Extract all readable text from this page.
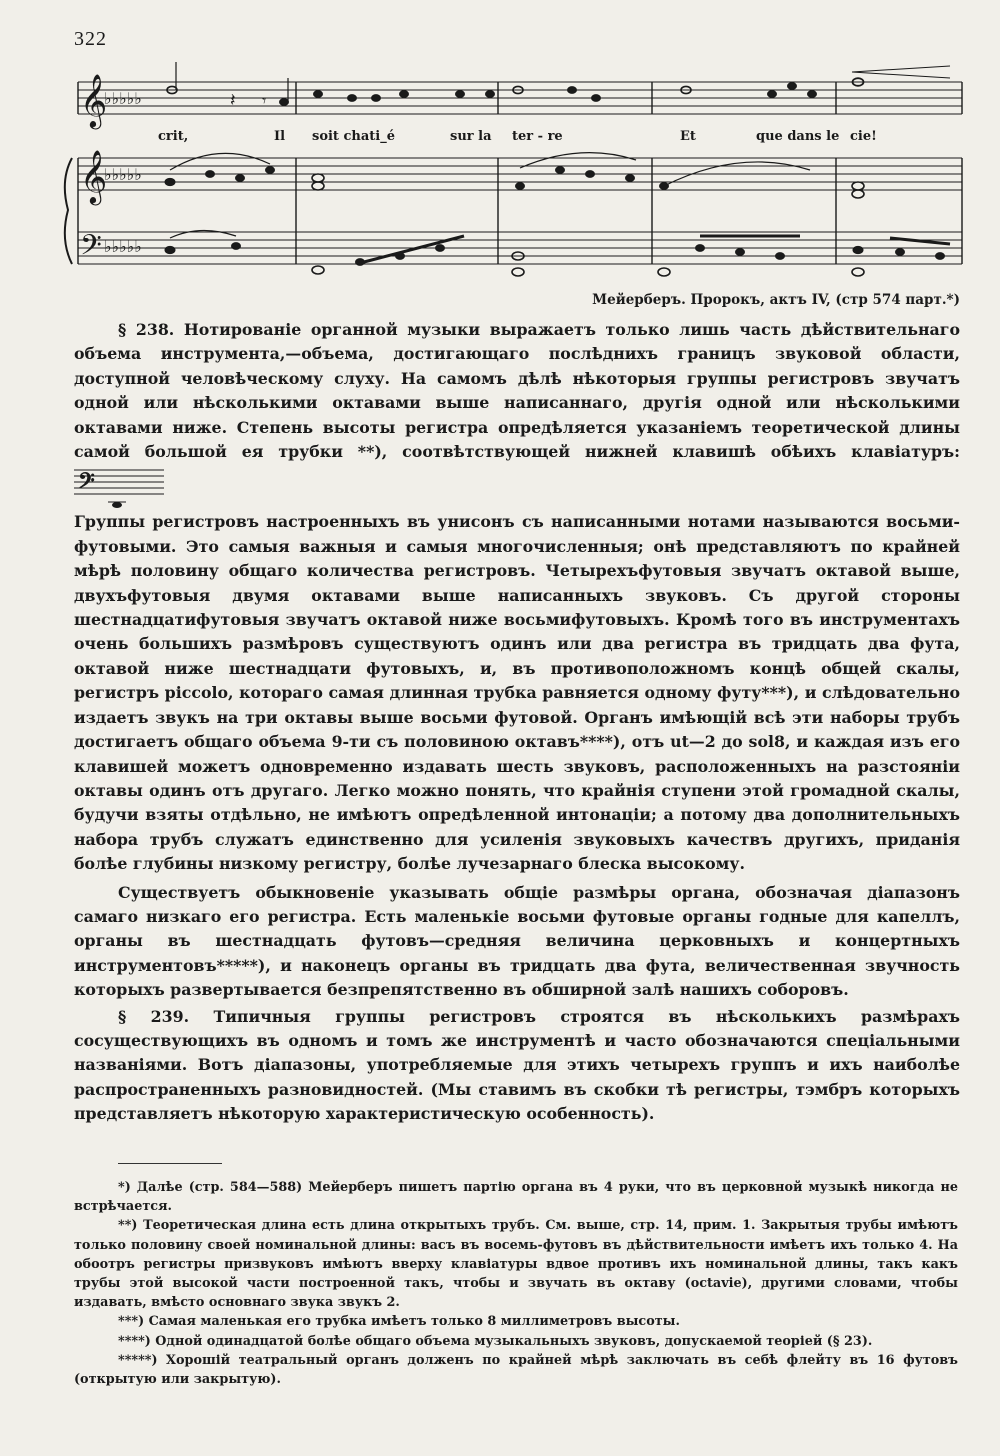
322
𝄞
𝄞
𝄢
♭♭♭♭♭
♭♭♭♭♭
♭♭♭♭♭
𝄽 𝄾
crit,	Il soit chati_é	sur la ter - re	Et	que dans le cie!
Мейерберъ. Пророкъ, актъ IV, (стр 574 парт.*)

§ 238. Нотированіе органной музыки выражаетъ только лишь часть дѣйствительнаго объема инструмента,—объема, достигающаго послѣднихъ границъ звуковой области, доступной человѣческому слуху. На самомъ дѣлѣ нѣкоторыя группы регистровъ звучатъ одной или нѣсколькими октавами выше написаннаго, другія одной или нѣсколькими октавами ниже. Степень высоты регистра опредѣляется указаніемъ теоретической длины самой большой ея трубки **), соотвѣтствующей нижней клавишѣ обѣихъ клавіатуръ:
𝄢

Группы регистровъ настроенныхъ въ унисонъ съ написанными нотами называются восьми-футовыми. Это самыя важныя и самыя многочисленныя; онѣ представляютъ по крайней мѣрѣ половину общаго количества регистровъ. Четырехъфутовыя звучатъ октавой выше, двухъфутовыя двумя октавами выше написанныхъ звуковъ. Съ другой стороны шестнадцатифутовыя звучатъ октавой ниже восьмифутовыхъ. Кромѣ того въ инструментахъ очень большихъ размѣровъ существуютъ одинъ или два регистра въ тридцать два фута, октавой ниже шестнадцати футовыхъ, и, въ противоположномъ концѣ общей скалы, регистръ piccolo, котораго самая длинная трубка равняется одному футу***), и слѣдовательно издаетъ звукъ на три октавы выше восьми футовой. Органъ имѣющій всѣ эти наборы трубъ достигаетъ общаго объема 9-ти съ половиною октавъ****), отъ ut—2 до sol8, и каждая изъ его клавишей можетъ одновременно издавать шесть звуковъ, расположенныхъ на разстояніи октавы одинъ отъ другаго. Легко можно понять, что крайнія ступени этой громадной скалы, будучи взяты отдѣльно, не имѣютъ опредѣленной интонаціи; а потому два дополнительныхъ набора трубъ служатъ единственно для усиленія звуковыхъ качествъ другихъ, приданія болѣе глубины низкому регистру, болѣе лучезарнаго блеска высокому.

Существуетъ обыкновеніе указывать общіе размѣры органа, обозначая діапазонъ самаго низкаго его регистра. Есть маленькіе восьми футовые органы годные для капеллъ, органы въ шестнадцать футовъ—средняя величина церковныхъ и концертныхъ инструментовъ*****), и наконецъ органы въ тридцать два фута, величественная звучность которыхъ развертывается безпрепятственно въ обширной залѣ нашихъ соборовъ.

§ 239. Типичныя группы регистровъ строятся въ нѣсколькихъ размѣрахъ сосуществующихъ въ одномъ и томъ же инструментѣ и часто обозначаются спеціальными названіями. Вотъ діапазоны, употребляемые для этихъ четырехъ группъ и ихъ наиболѣе распространенныхъ разновидностей. (Мы ставимъ въ скобки тѣ регистры, тэмбръ которыхъ представляетъ нѣкоторую характеристическую особенность).

*) Далѣе (стр. 584—588) Мейерберъ пишетъ партію органа въ 4 руки, что въ церковной музыкѣ никогда не встрѣчается.

**) Теоретическая длина есть длина открытыхъ трубъ. См. выше, стр. 14, прим. 1. Закрытыя трубы имѣютъ только половину своей номинальной длины: васъ въ восемь-футовъ въ дѣйствительности имѣетъ ихъ только 4. На обоотръ регистры призвуковъ имѣютъ вверху клавіатуры вдвое противъ ихъ номинальной длины, такъ какъ трубы этой высокой части построенной такъ, чтобы и звучать въ октаву (octavie), другими словами, чтобы издавать, вмѣсто основнаго звука звукъ 2.

***) Самая маленькая его трубка имѣетъ только 8 миллиметровъ высоты.

****) Одной одинадцатой болѣе общаго объема музыкальныхъ звуковъ, допускаемой теоріей (§ 23).

*****) Хорошій театральный органъ долженъ по крайней мѣрѣ заключать въ себѣ флейту въ 16 футовъ (открытую или закрытую).
